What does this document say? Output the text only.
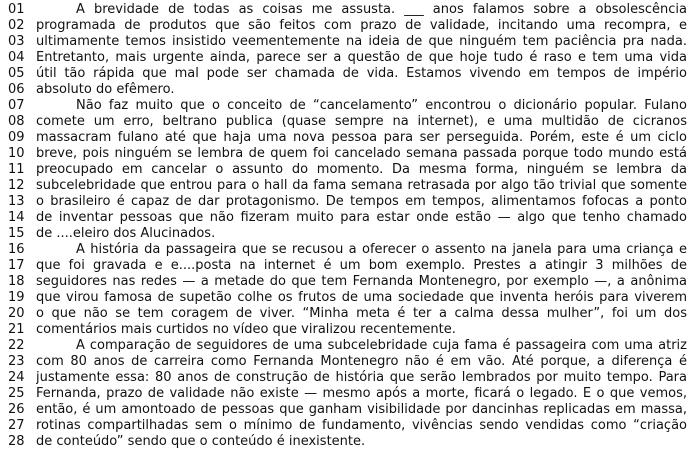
01	A brevidade de todas as coisas me assusta. ___ anos falamos sobre a obsolescência
02 programada de produtos que são feitos com prazo de validade, incitando uma recompra, e
03 ultimamente temos insistido veementemente na ideia de que ninguém tem paciência pra nada.
04 Entretanto, mais urgente ainda, parece ser a questão de que hoje tudo é raso e tem uma vida
05 útil tão rápida que mal pode ser chamada de vida. Estamos vivendo em tempos de império
06 absoluto do efêmero.
07	Não faz muito que o conceito de “cancelamento” encontrou o dicionário popular. Fulano
08 comete um erro, beltrano publica (quase sempre na internet), e uma multidão de cicranos
09 massacram fulano até que haja uma nova pessoa para ser perseguida. Porém, este é um ciclo
10 breve, pois ninguém se lembra de quem foi cancelado semana passada porque todo mundo está
11 preocupado em cancelar o assunto do momento. Da mesma forma, ninguém se lembra da
12 subcelebridade que entrou para o hall da fama semana retrasada por algo tão trivial que somente
13 o brasileiro é capaz de dar protagonismo. De tempos em tempos, alimentamos fofocas a ponto
14 de inventar pessoas que não fizeram muito para estar onde estão — algo que tenho chamado
15 de ....eleiro dos Alucinados.
16	A história da passageira que se recusou a oferecer o assento na janela para uma criança e
17 que foi gravada e e....posta na internet é um bom exemplo. Prestes a atingir 3 milhões de
18 seguidores nas redes — a metade do que tem Fernanda Montenegro, por exemplo —, a anônima
19 que virou famosa de supetão colhe os frutos de uma sociedade que inventa heróis para viverem
20 o que não se tem coragem de viver. “Minha meta é ter a calma dessa mulher”, foi um dos
21 comentários mais curtidos no vídeo que viralizou recentemente.
22	A comparação de seguidores de uma subcelebridade cuja fama é passageira com uma atriz
23 com 80 anos de carreira como Fernanda Montenegro não é em vão. Até porque, a diferença é
24 justamente essa: 80 anos de construção de história que serão lembrados por muito tempo. Para
25 Fernanda, prazo de validade não existe — mesmo após a morte, ficará o legado. E o que vemos,
26 então, é um amontoado de pessoas que ganham visibilidade por dancinhas replicadas em massa,
27 rotinas compartilhadas sem o mínimo de fundamento, vivências sendo vendidas como “criação
28 de conteúdo” sendo que o conteúdo é inexistente.
